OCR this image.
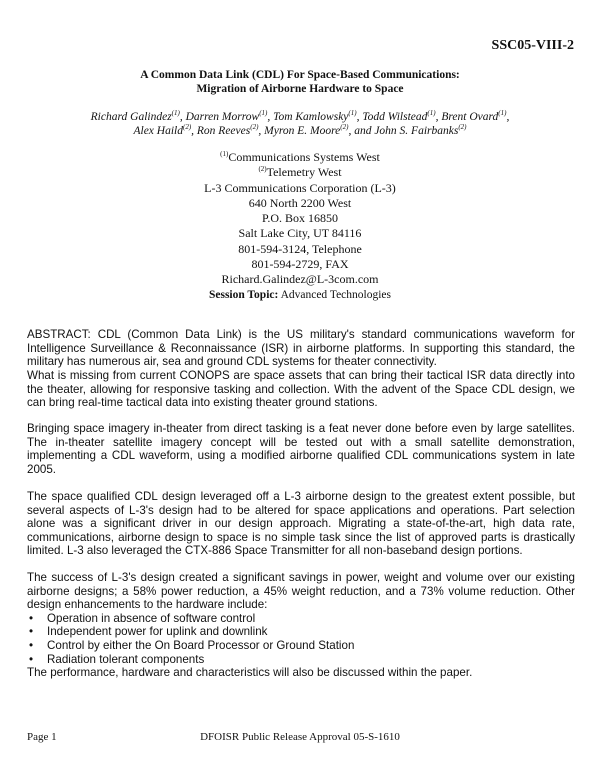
SSC05-VIII-2
A Common Data Link (CDL) For Space-Based Communications:
Migration of Airborne Hardware to Space
Richard Galindez$^{(1)}$, Darren Morrow$^{(1)}$, Tom Kamlowsky$^{(1)}$, Todd Wilstead$^{(1)}$, Brent Ovard$^{(1)}$,
Alex Haild$^{(2)}$, Ron Reeves$^{(2)}$, Myron E. Moore$^{(2)}$, and John S. Fairbanks$^{(2)}$
$^{(1)}$Communications Systems West
$^{(2)}$Telemetry West
L-3 Communications Corporation (L-3)
640 North 2200 West
P.O. Box 16850
Salt Lake City, UT 84116
801-594-3124, Telephone
801-594-2729, FAX
Richard.Galindez@L-3com.com
Session Topic: Advanced Technologies
ABSTRACT: CDL (Common Data Link) is the US military's standard communications waveform for Intelligence Surveillance & Reconnaissance (ISR) in airborne platforms. In supporting this standard, the military has numerous air, sea and ground CDL systems for theater connectivity.
What is missing from current CONOPS are space assets that can bring their tactical ISR data directly into the theater, allowing for responsive tasking and collection. With the advent of the Space CDL design, we can bring real-time tactical data into existing theater ground stations.
Bringing space imagery in-theater from direct tasking is a feat never done before even by large satellites. The in-theater satellite imagery concept will be tested out with a small satellite demonstration, implementing a CDL waveform, using a modified airborne qualified CDL communications system in late 2005.
The space qualified CDL design leveraged off a L-3 airborne design to the greatest extent possible, but several aspects of L-3's design had to be altered for space applications and operations. Part selection alone was a significant driver in our design approach. Migrating a state-of-the-art, high data rate, communications, airborne design to space is no simple task since the list of approved parts is drastically limited. L-3 also leveraged the CTX-886 Space Transmitter for all non-baseband design portions.
The success of L-3's design created a significant savings in power, weight and volume over our existing airborne designs; a 58% power reduction, a 45% weight reduction, and a 73% volume reduction. Other design enhancements to the hardware include:
• Operation in absence of software control
• Independent power for uplink and downlink
• Control by either the On Board Processor or Ground Station
• Radiation tolerant components
The performance, hardware and characteristics will also be discussed within the paper.
Page 1	DFOISR Public Release Approval 05-S-1610
